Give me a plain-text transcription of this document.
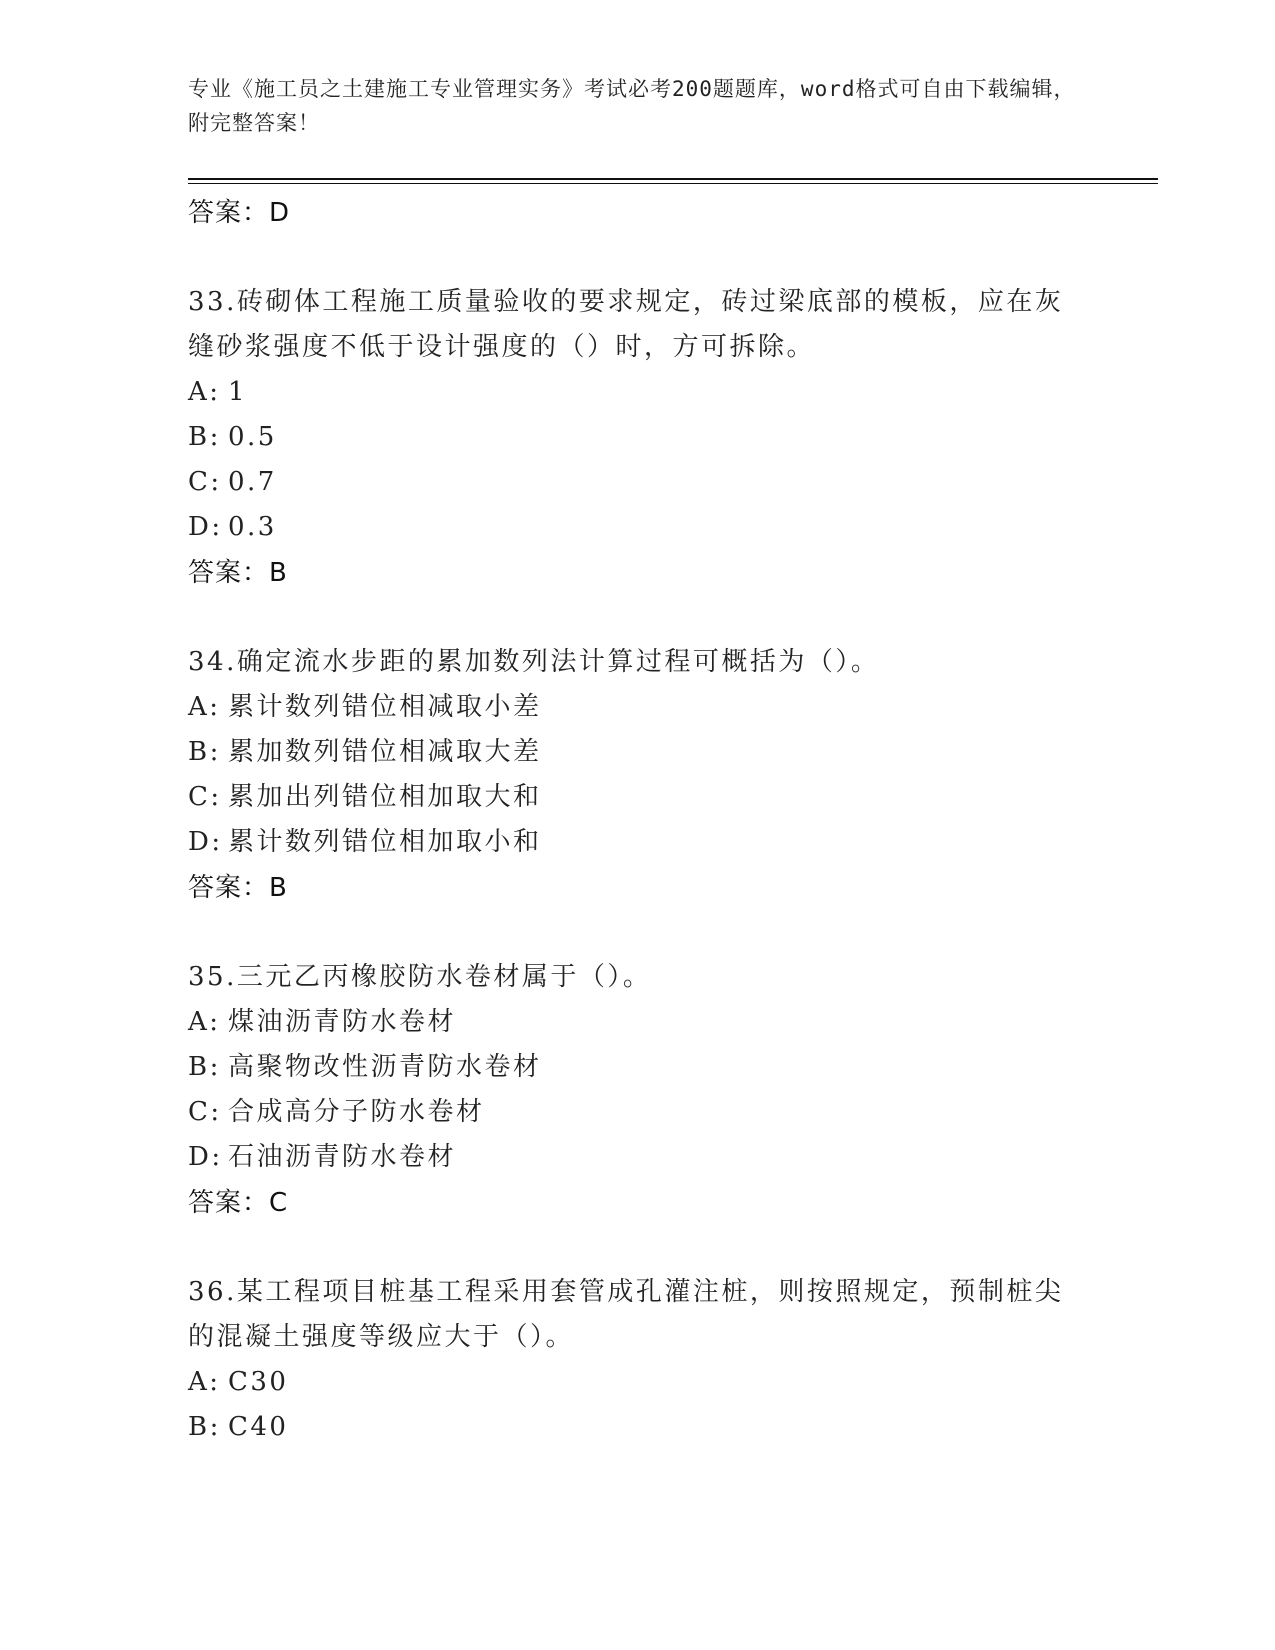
专业《施工员之土建施工专业管理实务》考试必考200题题库，word格式可自由下载编辑，附完整答案！
答案：D
33.砖砌体工程施工质量验收的要求规定，砖过梁底部的模板，应在灰缝砂浆强度不低于设计强度的（）时，方可拆除。
A: 1
B: 0.5
C: 0.7
D: 0.3
答案：B
34.确定流水步距的累加数列法计算过程可概括为（）。
A: 累计数列错位相减取小差
B: 累加数列错位相减取大差
C: 累加出列错位相加取大和
D: 累计数列错位相加取小和
答案：B
35.三元乙丙橡胶防水卷材属于（）。
A: 煤油沥青防水卷材
B: 高聚物改性沥青防水卷材
C: 合成高分子防水卷材
D: 石油沥青防水卷材
答案：C
36.某工程项目桩基工程采用套管成孔灌注桩，则按照规定，预制桩尖的混凝土强度等级应大于（）。
A: C30
B: C40
